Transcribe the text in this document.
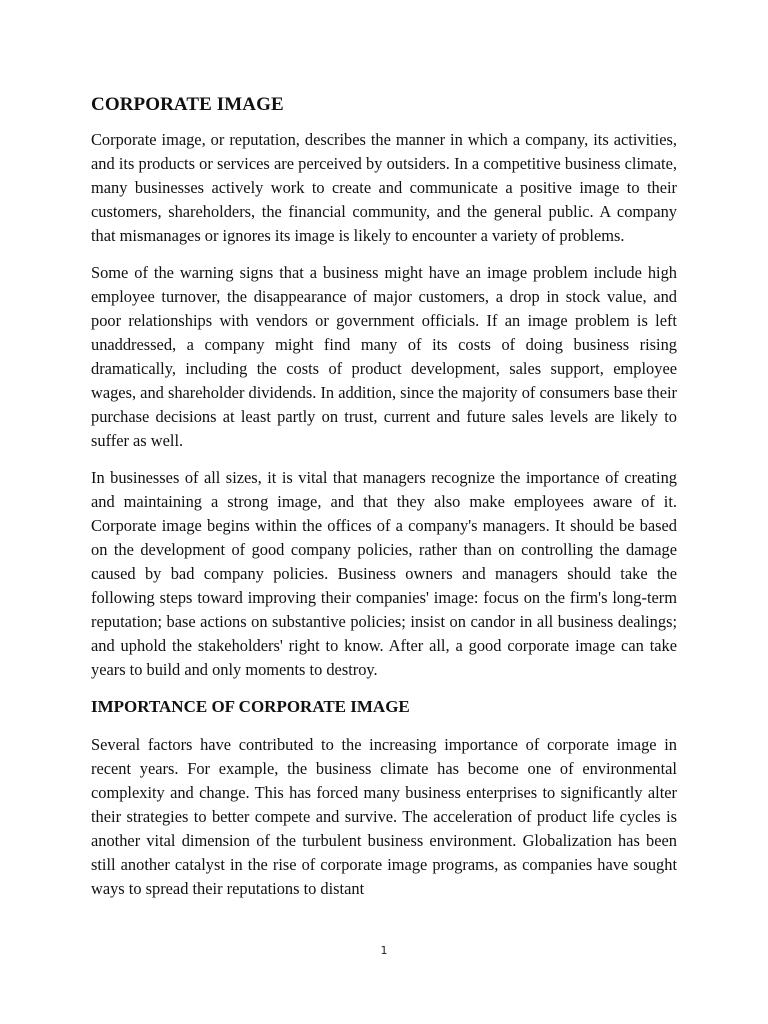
CORPORATE IMAGE

Corporate image, or reputation, describes the manner in which a company, its activities, and its products or services are perceived by outsiders. In a competitive business climate, many businesses actively work to create and communicate a positive image to their customers, shareholders, the financial community, and the general public. A company that mismanages or ignores its image is likely to encounter a variety of problems.

Some of the warning signs that a business might have an image problem include high employee turnover, the disappearance of major customers, a drop in stock value, and poor relationships with vendors or government officials. If an image problem is left unaddressed, a company might find many of its costs of doing business rising dramatically, including the costs of product development, sales support, employee wages, and shareholder dividends. In addition, since the majority of consumers base their purchase decisions at least partly on trust, current and future sales levels are likely to suffer as well.

In businesses of all sizes, it is vital that managers recognize the importance of creating and maintaining a strong image, and that they also make employees aware of it. Corporate image begins within the offices of a company's managers. It should be based on the development of good company policies, rather than on controlling the damage caused by bad company policies. Business owners and managers should take the following steps toward improving their companies' image: focus on the firm's long-term reputation; base actions on substantive policies; insist on candor in all business dealings; and uphold the stakeholders' right to know. After all, a good corporate image can take years to build and only moments to destroy.

IMPORTANCE OF CORPORATE IMAGE

Several factors have contributed to the increasing importance of corporate image in recent years. For example, the business climate has become one of environmental complexity and change. This has forced many business enterprises to significantly alter their strategies to better compete and survive. The acceleration of product life cycles is another vital dimension of the turbulent business environment. Globalization has been still another catalyst in the rise of corporate image programs, as companies have sought ways to spread their reputations to distant

1
